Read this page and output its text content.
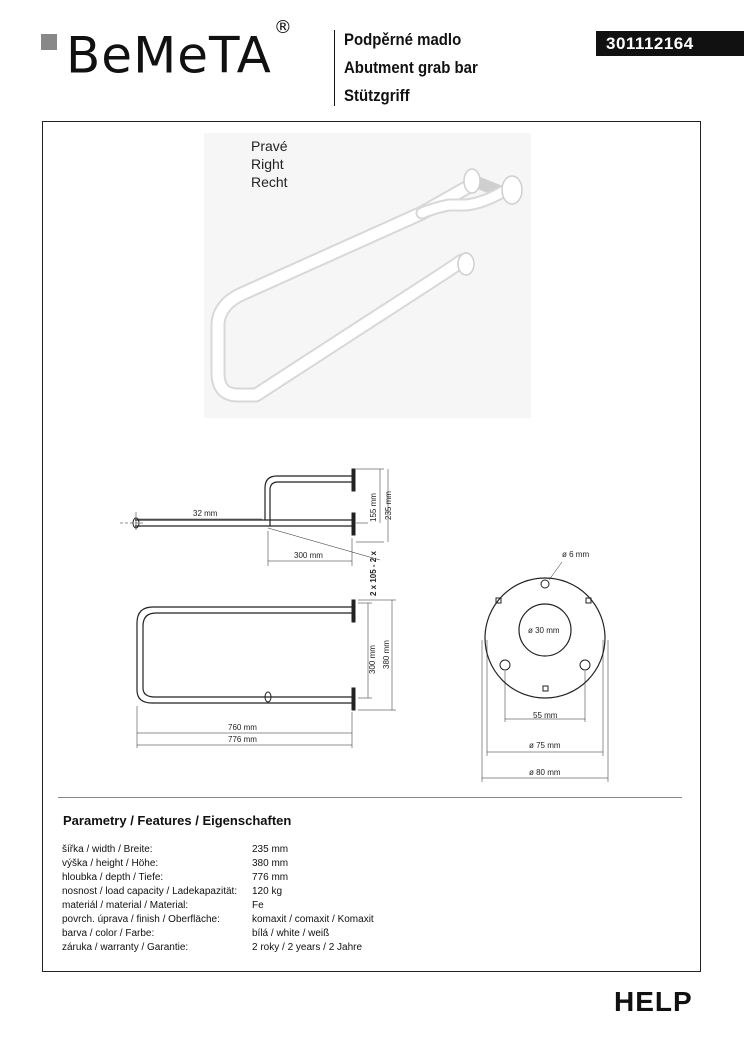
BeMeTA ®
Podpěrné madlo
Abutment grab bar
Stützgriff
301112164
Pravé
Right
Recht
32 mm
300 mm
155 mm 235 mm
2 x 105 - 2 x
300 mm 380 mm
760 mm
776 mm
ø 6 mm
ø 30 mm
55 mm
ø 75 mm
ø 80 mm
Parametry / Features / Eigenschaften
šířka / width / Breite:	235 mm
výška / height / Höhe:	380 mm
hloubka / depth / Tiefe:	776 mm
nosnost / load capacity / Ladekapazität:	120 kg
materiál / material / Material:	Fe
povrch. úprava / finish / Oberfläche:	komaxit / comaxit / Komaxit
barva / color / Farbe:	bílá / white / weiß
záruka / warranty / Garantie:	2 roky / 2 years / 2 Jahre
HELP
